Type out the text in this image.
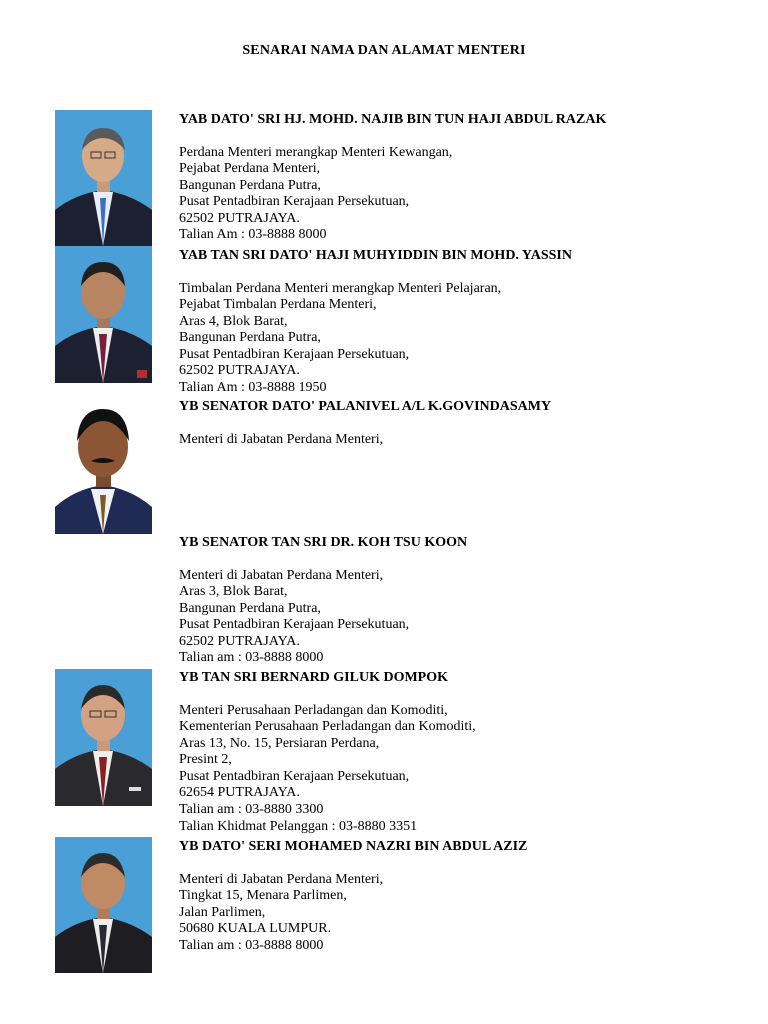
SENARAI NAMA DAN ALAMAT MENTERI
YAB DATO' SRI HJ. MOHD. NAJIB BIN TUN HAJI ABDUL RAZAK
Perdana Menteri merangkap Menteri Kewangan,
Pejabat Perdana Menteri,
Bangunan Perdana Putra,
Pusat Pentadbiran Kerajaan Persekutuan,
62502 PUTRAJAYA.
Talian Am : 03-8888 8000
YAB TAN SRI DATO' HAJI MUHYIDDIN BIN MOHD. YASSIN
Timbalan Perdana Menteri merangkap Menteri Pelajaran,
Pejabat Timbalan Perdana Menteri,
Aras 4, Blok Barat,
Bangunan Perdana Putra,
Pusat Pentadbiran Kerajaan Persekutuan,
62502 PUTRAJAYA.
Talian Am : 03-8888 1950
YB SENATOR DATO' PALANIVEL A/L K.GOVINDASAMY
Menteri di Jabatan Perdana Menteri,
YB SENATOR TAN SRI DR. KOH TSU KOON
Menteri di Jabatan Perdana Menteri,
Aras 3, Blok Barat,
Bangunan Perdana Putra,
Pusat Pentadbiran Kerajaan Persekutuan,
62502 PUTRAJAYA.
Talian am : 03-8888 8000
YB TAN SRI BERNARD GILUK DOMPOK
Menteri Perusahaan Perladangan dan Komoditi,
Kementerian Perusahaan Perladangan dan Komoditi,
Aras 13, No. 15, Persiaran Perdana,
Presint 2,
Pusat Pentadbiran Kerajaan Persekutuan,
62654 PUTRAJAYA.
Talian am : 03-8880 3300
Talian Khidmat Pelanggan : 03-8880 3351
YB DATO' SERI MOHAMED NAZRI BIN ABDUL AZIZ
Menteri di Jabatan Perdana Menteri,
Tingkat 15, Menara Parlimen,
Jalan Parlimen,
50680 KUALA LUMPUR.
Talian am : 03-8888 8000
